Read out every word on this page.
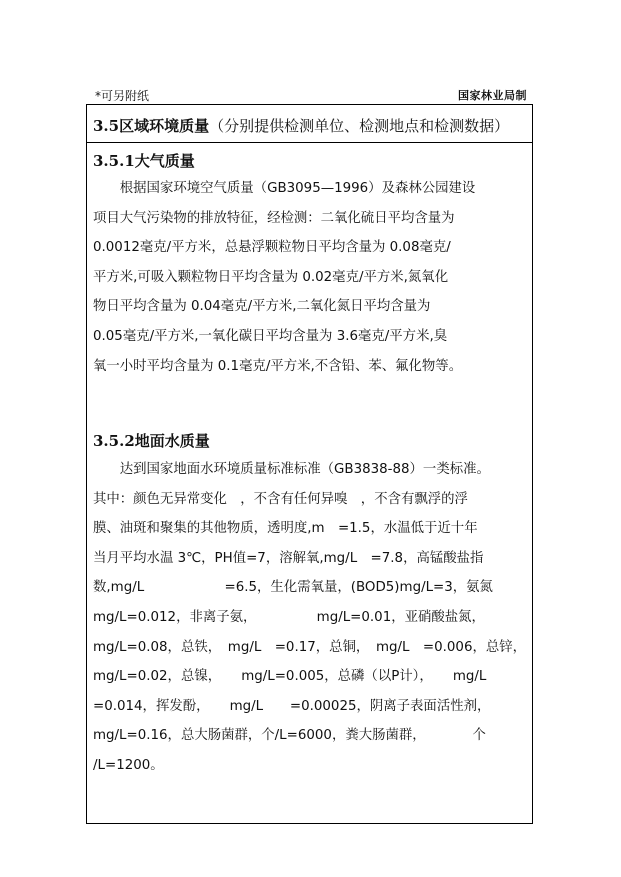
*可另附纸	国家林业局制
3.5区域环境质量（分别提供检测单位、检测地点和检测数据）
3.5.1大气质量
　　根据国家环境空气质量（GB3095—1996）及森林公园建设
项目大气污染物的排放特征，经检测：二氧化硫日平均含量为
0.0012毫克/平方米，总悬浮颗粒物日平均含量为 0.08毫克/
平方米,可吸入颗粒物日平均含量为 0.02毫克/平方米,氮氧化
物日平均含量为 0.04毫克/平方米,二氧化氮日平均含量为
0.05毫克/平方米,一氧化碳日平均含量为 3.6毫克/平方米,臭
氧一小时平均含量为 0.1毫克/平方米,不含铅、苯、氟化物等。
3.5.2地面水质量
　　达到国家地面水环境质量标准标准（GB3838-88）一类标准。
其中：颜色无异常变化　，不含有任何异嗅　，不含有飘浮的浮
膜、油斑和聚集的其他物质，透明度,m　=1.5，水温低于近十年
当月平均水温 3℃，PH值=7，溶解氧,mg/L　=7.8，高锰酸盐指
数,mg/L　　　　　　=6.5，生化需氧量，(BOD5)mg/L=3，氨氮
mg/L=0.012，非离子氨，　　　　　mg/L=0.01，亚硝酸盐氮，
mg/L=0.08，总铁，　mg/L　=0.17，总铜，　mg/L　=0.006，总锌，
mg/L=0.02，总镍，　　mg/L=0.005，总磷（以P计），　　mg/L
=0.014，挥发酚，　　mg/L　　=0.00025，阴离子表面活性剂，
mg/L=0.16，总大肠菌群，个/L=6000，粪大肠菌群，　　　　个
/L=1200。
